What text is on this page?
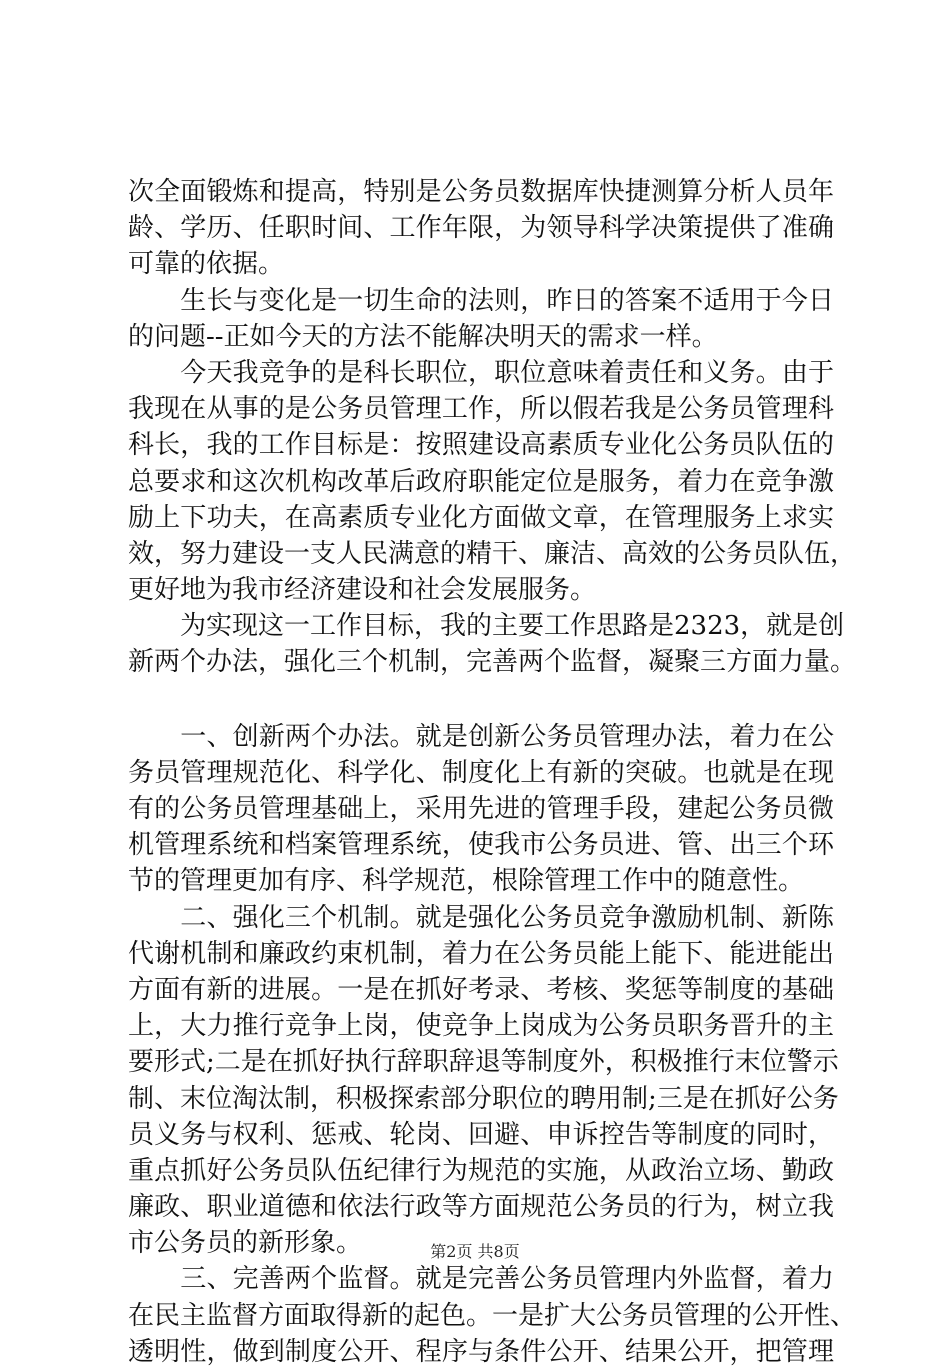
次全面锻炼和提高，特别是公务员数据库快捷测算分析人员年
龄、学历、任职时间、工作年限，为领导科学决策提供了准确
可靠的依据。
　　生长与变化是一切生命的法则，昨日的答案不适用于今日
的问题--正如今天的方法不能解决明天的需求一样。
　　今天我竞争的是科长职位，职位意味着责任和义务。由于
我现在从事的是公务员管理工作，所以假若我是公务员管理科
科长，我的工作目标是：按照建设高素质专业化公务员队伍的
总要求和这次机构改革后政府职能定位是服务，着力在竞争激
励上下功夫，在高素质专业化方面做文章，在管理服务上求实
效，努力建设一支人民满意的精干、廉洁、高效的公务员队伍，
更好地为我市经济建设和社会发展服务。
　　为实现这一工作目标，我的主要工作思路是2323，就是创
新两个办法，强化三个机制，完善两个监督，凝聚三方面力量。
　　一、创新两个办法。就是创新公务员管理办法，着力在公
务员管理规范化、科学化、制度化上有新的突破。也就是在现
有的公务员管理基础上，采用先进的管理手段，建起公务员微
机管理系统和档案管理系统，使我市公务员进、管、出三个环
节的管理更加有序、科学规范，根除管理工作中的随意性。
　　二、强化三个机制。就是强化公务员竞争激励机制、新陈
代谢机制和廉政约束机制，着力在公务员能上能下、能进能出
方面有新的进展。一是在抓好考录、考核、奖惩等制度的基础
上，大力推行竞争上岗，使竞争上岗成为公务员职务晋升的主
要形式;二是在抓好执行辞职辞退等制度外，积极推行末位警示
制、末位淘汰制，积极探索部分职位的聘用制;三是在抓好公务
员义务与权利、惩戒、轮岗、回避、申诉控告等制度的同时，
重点抓好公务员队伍纪律行为规范的实施，从政治立场、勤政
廉政、职业道德和依法行政等方面规范公务员的行为，树立我
市公务员的新形象。
　　三、完善两个监督。就是完善公务员管理内外监督，着力
在民主监督方面取得新的起色。一是扩大公务员管理的公开性、
透明性，做到制度公开、程序与条件公开、结果公开，把管理
第2页 共8页
